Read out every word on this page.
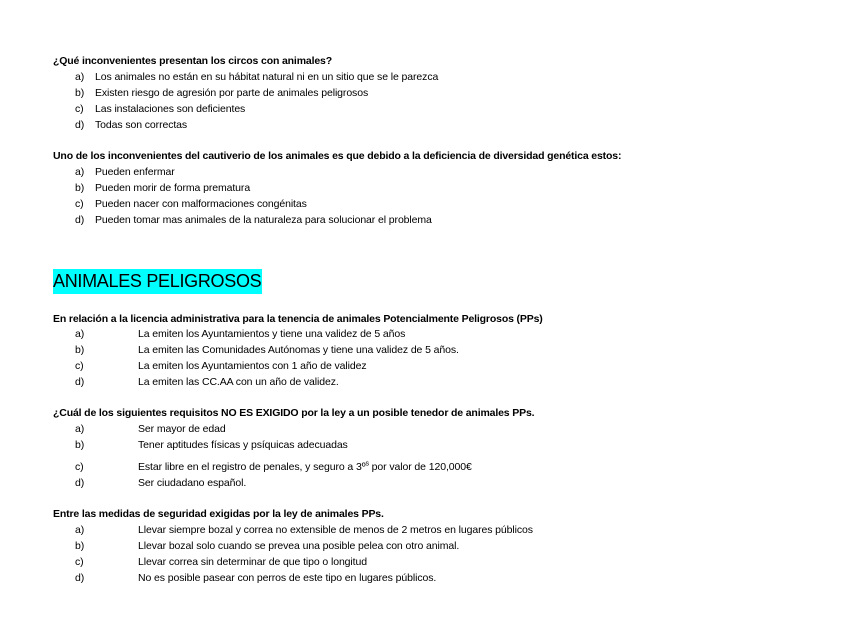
¿Qué inconvenientes presentan los circos con animales?
a) Los animales no están en su hábitat natural ni en un sitio que se le parezca
b) Existen riesgo de agresión por parte de animales peligrosos
c) Las instalaciones son deficientes
d) Todas son correctas
Uno de los inconvenientes del cautiverio de los animales es que debido a la deficiencia de diversidad genética estos:
a) Pueden enfermar
b) Pueden morir de forma prematura
c) Pueden nacer con malformaciones congénitas
d) Pueden tomar mas animales de la naturaleza para solucionar el problema
ANIMALES PELIGROSOS
En relación a la licencia administrativa para la tenencia de animales Potencialmente Peligrosos (PPs)
a)	La emiten los Ayuntamientos y tiene una validez de 5 años
b)	La emiten las Comunidades Autónomas y tiene una validez de 5 años.
c)	La emiten los Ayuntamientos con 1 año de validez
d)	La emiten las CC.AA con un año de validez.
¿Cuál de los siguientes requisitos NO ES EXIGIDO por la ley a un posible tenedor de animales PPs.
a)	Ser mayor de edad
b)	Tener aptitudes físicas y psíquicas adecuadas
c)	Estar libre en el registro de penales, y seguro a 3º$^s$ por valor de 120,000€
d)	Ser ciudadano español.
Entre las medidas de seguridad exigidas por la ley de animales PPs.
a)	Llevar siempre bozal y correa no extensible de menos de 2 metros en lugares públicos
b)	Llevar bozal solo cuando se prevea una posible pelea con otro animal.
c)	Llevar correa sin determinar de que tipo o longitud
d)	No es posible pasear con perros de este tipo en lugares públicos.
